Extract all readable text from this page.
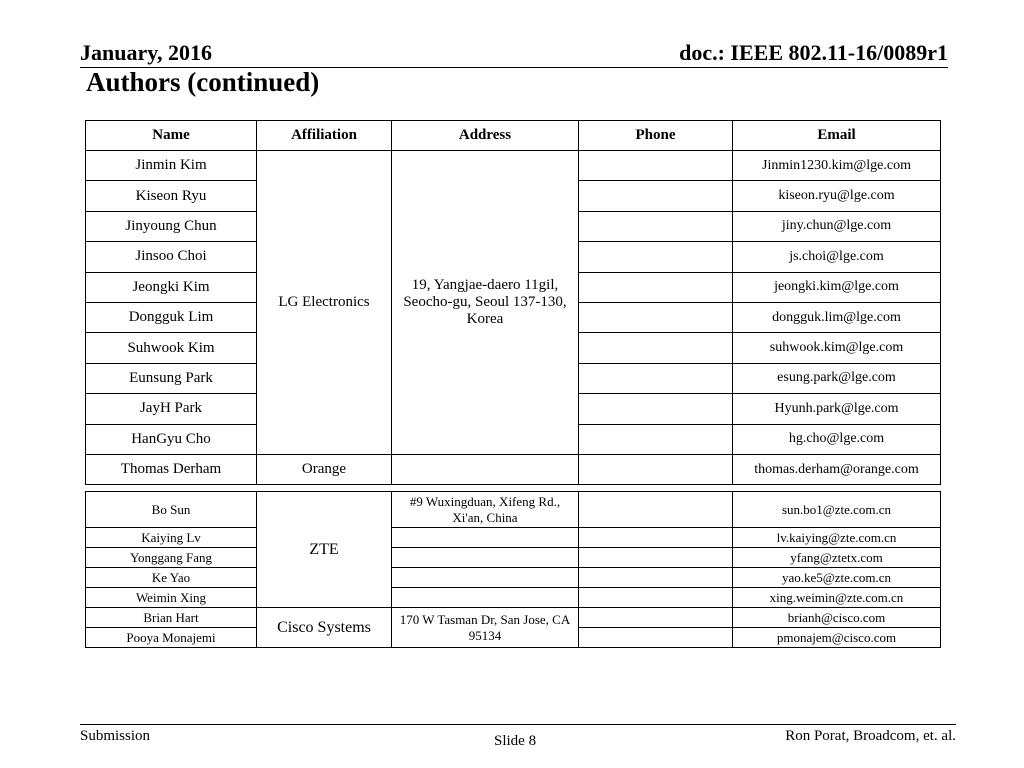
January, 2016	doc.: IEEE 802.11-16/0089r1
Authors (continued)
Name	Affiliation	Address	Phone	Email
Jinmin Kim	LG Electronics	19, Yangjae-daero 11gil, Seocho-gu, Seoul 137-130, Korea		Jinmin1230.kim@lge.com
Kiseon Ryu				kiseon.ryu@lge.com
Jinyoung Chun				jiny.chun@lge.com
Jinsoo Choi				js.choi@lge.com
Jeongki Kim				jeongki.kim@lge.com
Dongguk Lim				dongguk.lim@lge.com
Suhwook Kim				suhwook.kim@lge.com
Eunsung Park				esung.park@lge.com
JayH Park				Hyunh.park@lge.com
HanGyu Cho				hg.cho@lge.com
Thomas Derham	Orange			thomas.derham@orange.com
Bo Sun	ZTE	#9 Wuxingduan, Xifeng Rd., Xi'an, China		sun.bo1@zte.com.cn
Kaiying Lv				lv.kaiying@zte.com.cn
Yonggang Fang				yfang@ztetx.com
Ke Yao				yao.ke5@zte.com.cn
Weimin Xing				xing.weimin@zte.com.cn
Brian Hart	Cisco Systems	170 W Tasman Dr, San Jose, CA 95134		brianh@cisco.com
Pooya Monajemi				pmonajem@cisco.com
Submission	Slide 8	Ron Porat, Broadcom, et. al.
